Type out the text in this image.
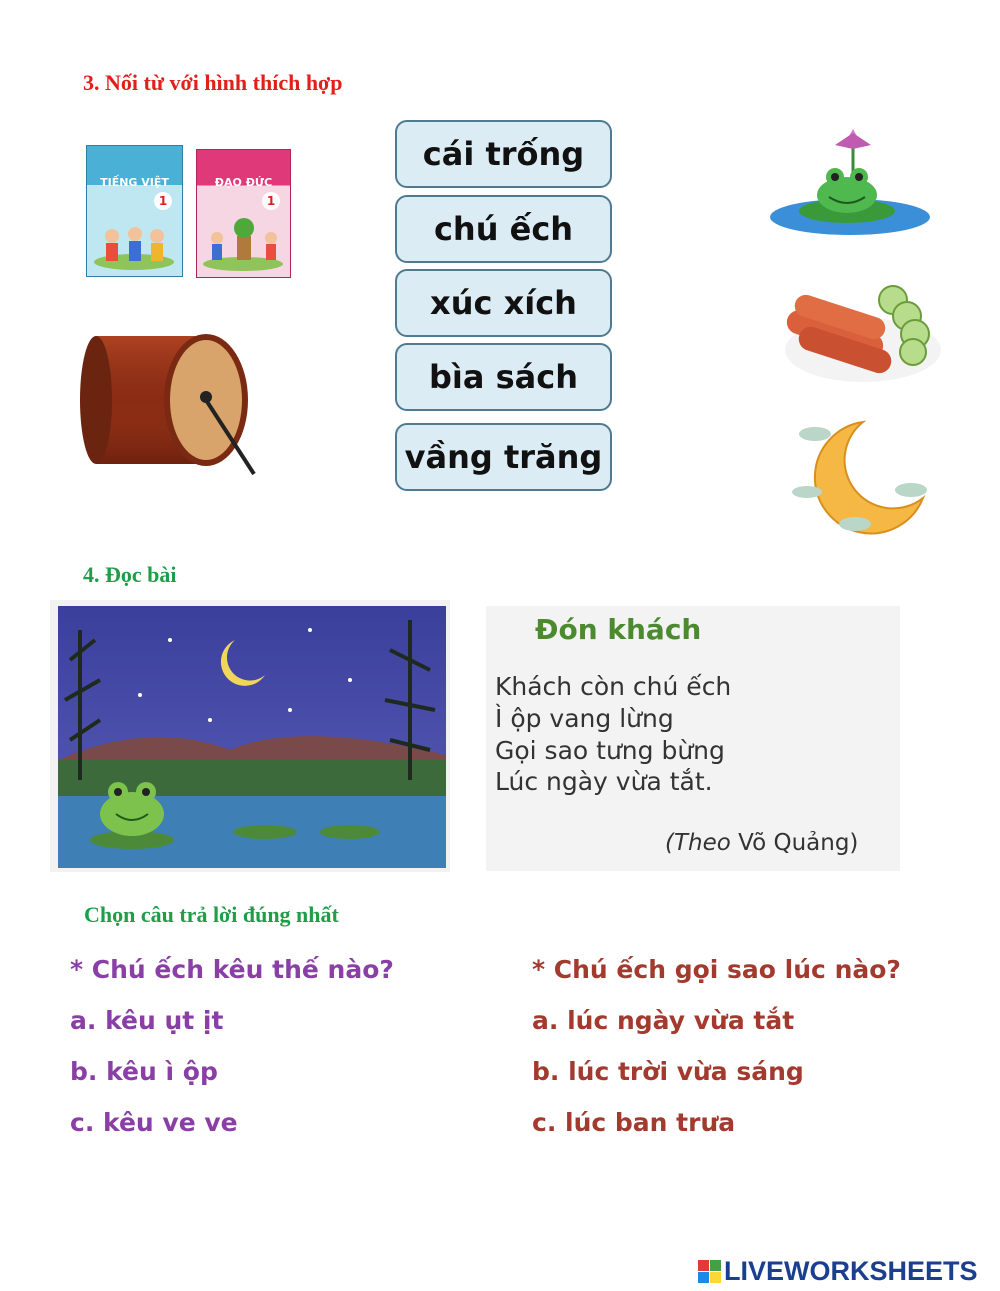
3. Nối từ với hình thích hợp
TIẾNG VIỆT
1
ĐẠO ĐỨC
1
cái trống
chú ếch
xúc xích
bìa sách
vầng trăng
4. Đọc bài
Đón khách
Khách còn chú ếch
Ì ộp vang lừng
Gọi sao tưng bừng
Lúc ngày vừa tắt.
(Theo Võ Quảng)
Chọn câu trả lời đúng nhất
* Chú ếch kêu thế nào?
a. kêu ụt ịt
b. kêu ì ộp
c. kêu ve ve
* Chú ếch gọi sao lúc nào?
a. lúc ngày vừa tắt
b. lúc trời vừa sáng
c. lúc ban trưa
LIVEWORKSHEETS
